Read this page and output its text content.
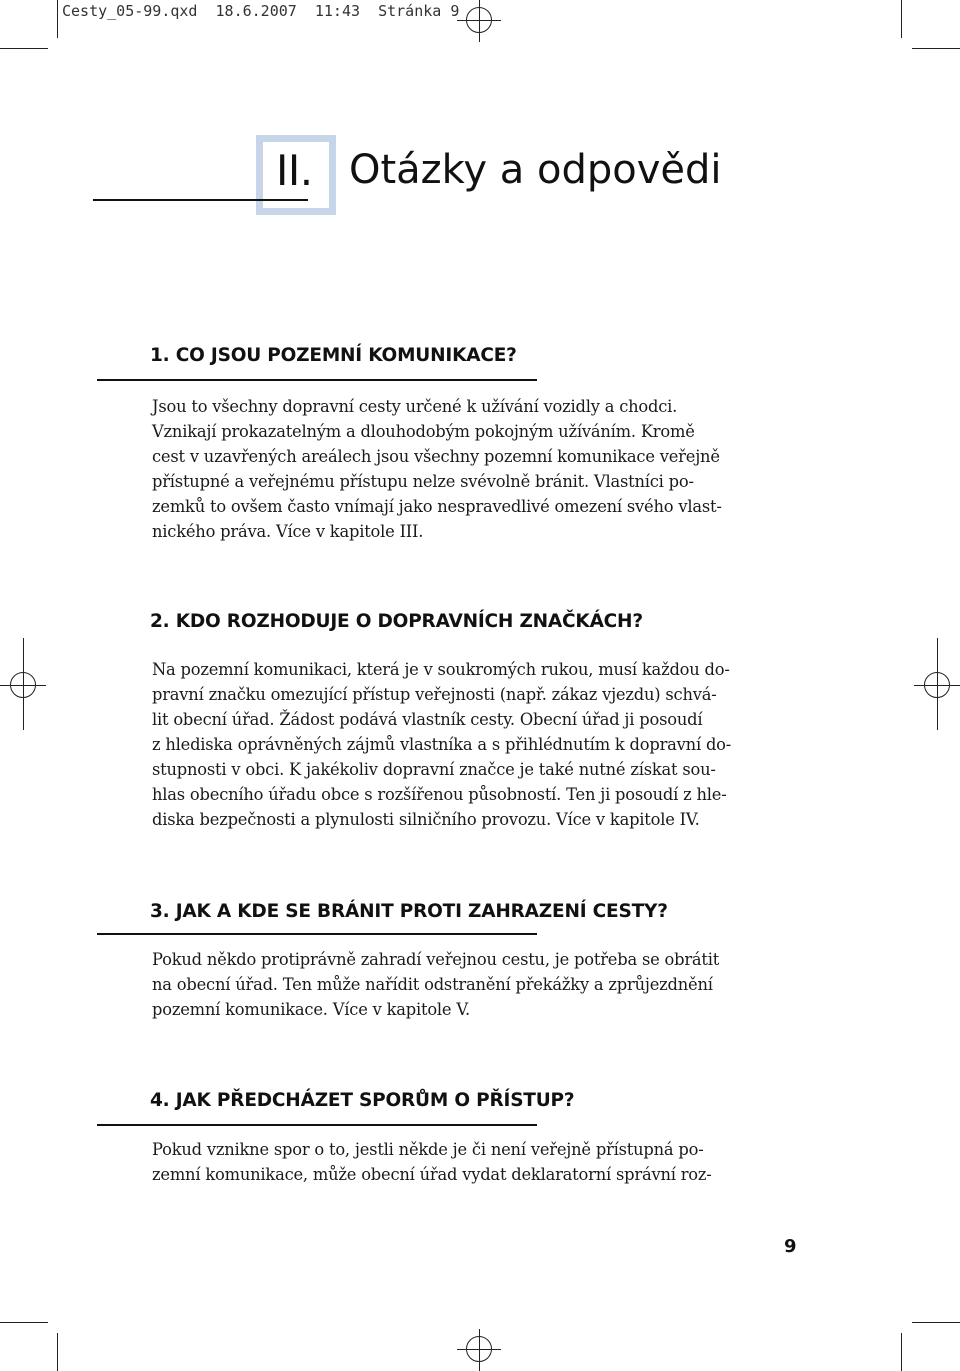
Cesty_05-99.qxd  18.6.2007  11:43  Stránka 9
II. Otázky a odpovědi
1. CO JSOU POZEMNÍ KOMUNIKACE?
Jsou to všechny dopravní cesty určené k užívání vozidly a chodci.
Vznikají prokazatelným a dlouhodobým pokojným užíváním. Kromě
cest v uzavřených areálech jsou všechny pozemní komunikace veřejně
přístupné a veřejnému přístupu nelze svévolně bránit. Vlastníci po-
zemků to ovšem často vnímají jako nespravedlivé omezení svého vlast-
nického práva. Více v kapitole III.
2. KDO ROZHODUJE O DOPRAVNÍCH ZNAČKÁCH?
Na pozemní komunikaci, která je v soukromých rukou, musí každou do-
pravní značku omezující přístup veřejnosti (např. zákaz vjezdu) schvá-
lit obecní úřad. Žádost podává vlastník cesty. Obecní úřad ji posoudí
z hlediska oprávněných zájmů vlastníka a s přihlédnutím k dopravní do-
stupnosti v obci. K jakékoliv dopravní značce je také nutné získat sou-
hlas obecního úřadu obce s rozšířenou působností. Ten ji posoudí z hle-
diska bezpečnosti a plynulosti silničního provozu. Více v kapitole IV.
3. JAK A KDE SE BRÁNIT PROTI ZAHRAZENÍ CESTY?
Pokud někdo protiprávně zahradí veřejnou cestu, je potřeba se obrátit
na obecní úřad. Ten může nařídit odstranění překážky a zprůjezdnění
pozemní komunikace. Více v kapitole V.
4. JAK PŘEDCHÁZET SPORŮM O PŘÍSTUP?
Pokud vznikne spor o to, jestli někde je či není veřejně přístupná po-
zemní komunikace, může obecní úřad vydat deklaratorní správní roz-
9
